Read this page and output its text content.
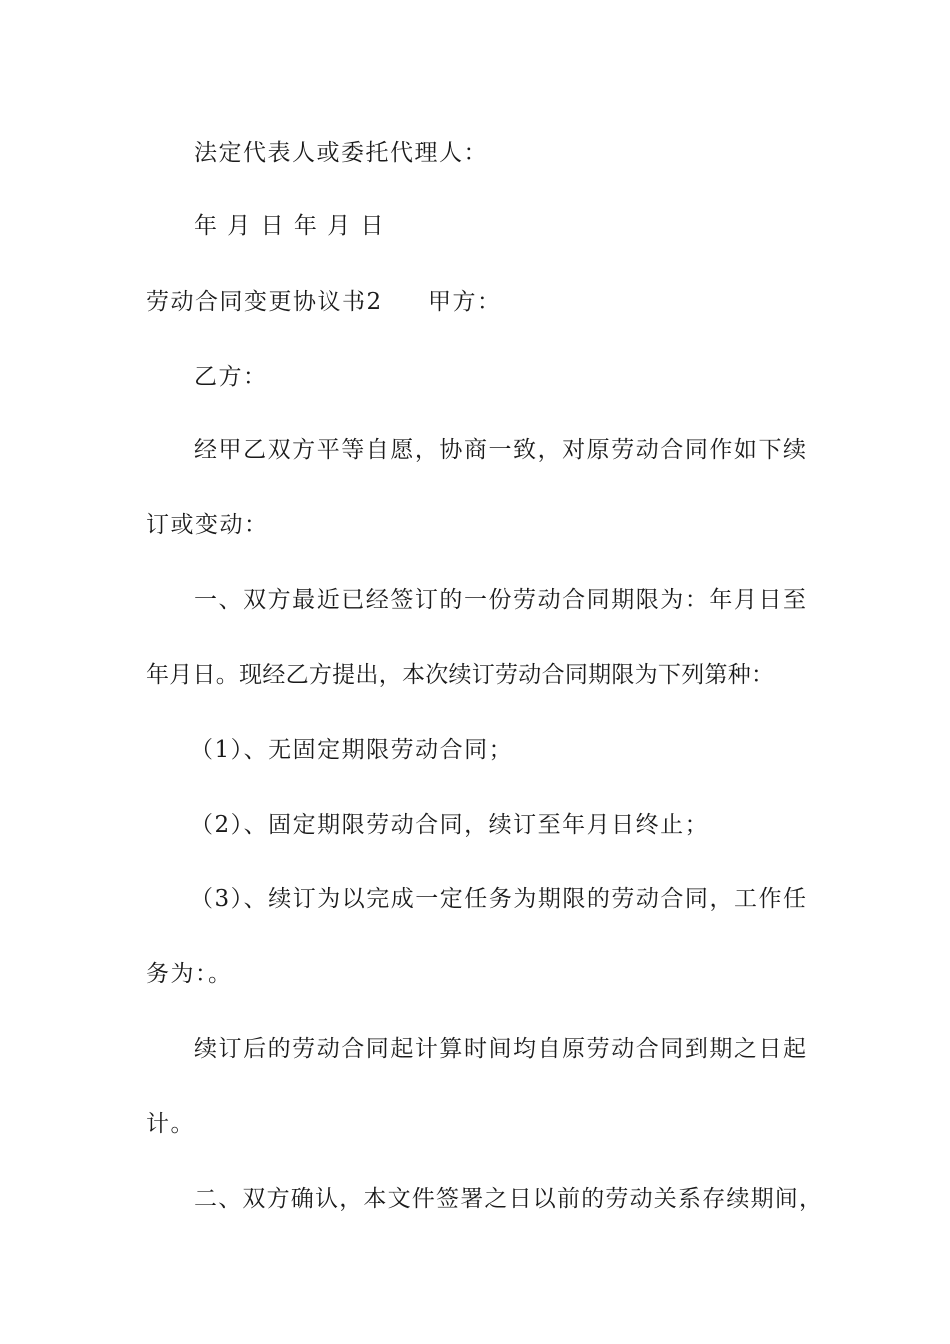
法定代表人或委托代理人：
年 月 日 年 月 日
劳动合同变更协议书2 甲方：
乙方：
经甲乙双方平等自愿，协商一致，对原劳动合同作如下续
订或变动：
一、双方最近已经签订的一份劳动合同期限为：年月日至
年月日。现经乙方提出，本次续订劳动合同期限为下列第种：
（1）、无固定期限劳动合同；
（2）、固定期限劳动合同，续订至年月日终止；
（3）、续订为以完成一定任务为期限的劳动合同，工作任
务为：。
续订后的劳动合同起计算时间均自原劳动合同到期之日起
计。
二、双方确认，本文件签署之日以前的劳动关系存续期间，
